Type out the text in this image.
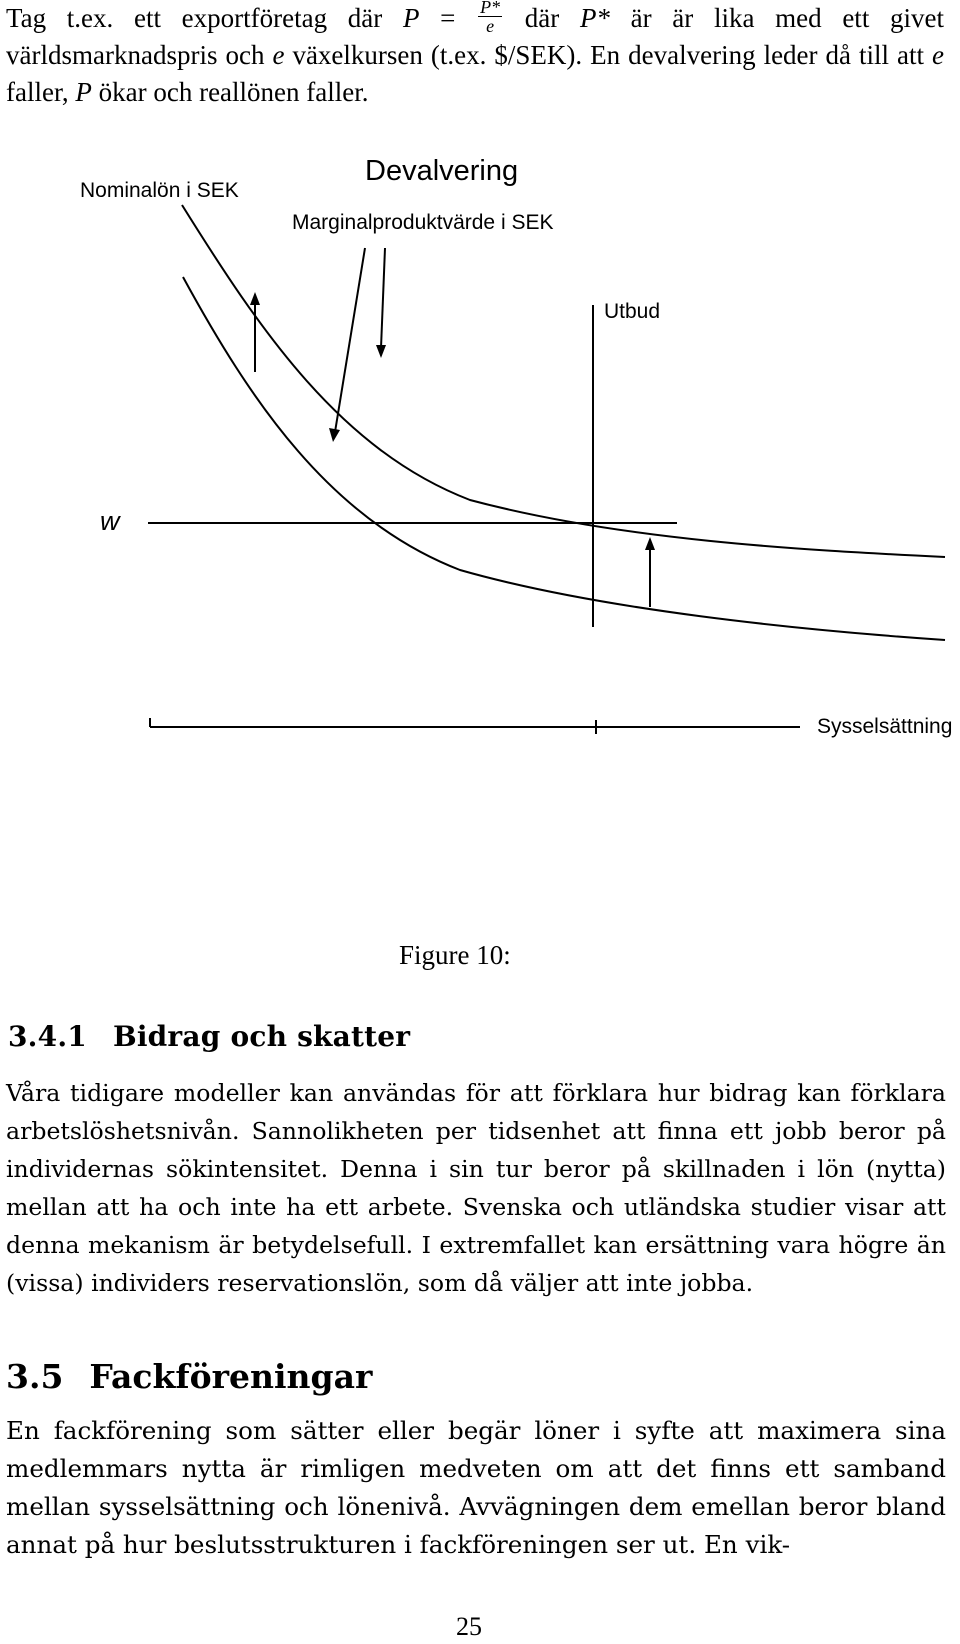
Tag t.ex. ett exportföretag där $P = \frac{P*}{e}$ där P* är är lika med ett givet världsmarknadspris och e växelkursen (t.ex. $/SEK). En devalvering leder då till att e faller, P ökar och reallönen faller.

Nominalön i SEK
Devalvering
Marginalproduktvärde i SEK
Utbud
w
Sysselsättning
Figure 10:
3.4.1 Bidrag och skatter

Våra tidigare modeller kan användas för att förklara hur bidrag kan förklara arbetslöshetsnivån. Sannolikheten per tidsenhet att finna ett jobb beror på individernas sökintensitet. Denna i sin tur beror på skillnaden i lön (nytta) mellan att ha och inte ha ett arbete. Svenska och utländska studier visar att denna mekanism är betydelsefull. I extremfallet kan ersättning vara högre än (vissa) individers reservationslön, som då väljer att inte jobba.

3.5 Fackföreningar

En fackförening som sätter eller begär löner i syfte att maximera sina medlemmars nytta är rimligen medveten om att det finns ett samband mellan sysselsättning och lönenivå. Avvägningen dem emellan beror bland annat på hur beslutsstrukturen i fackföreningen ser ut. En vik-

25
